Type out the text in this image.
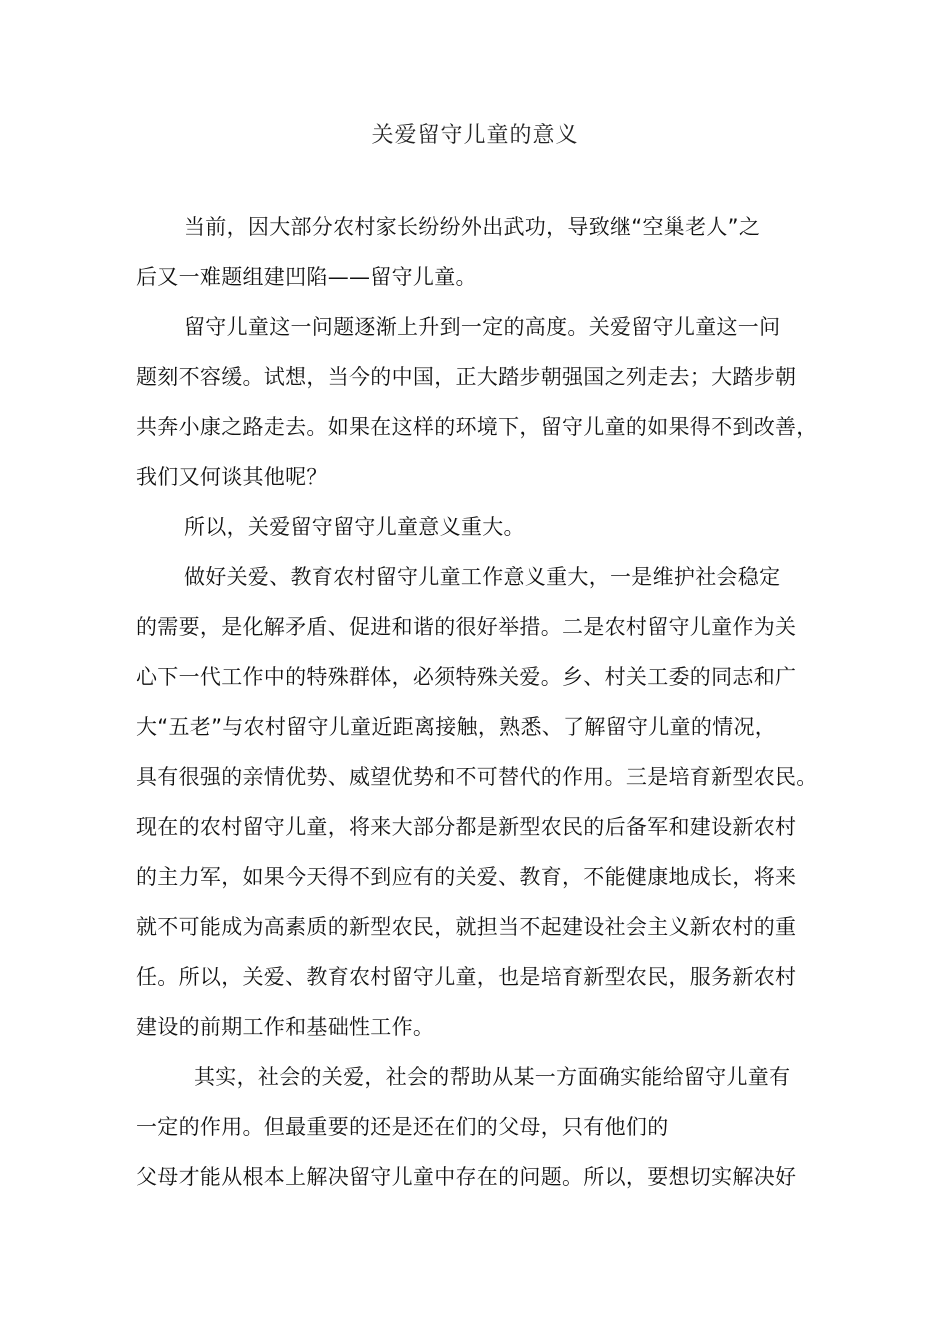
关爱留守儿童的意义
当前，因大部分农村家长纷纷外出武功，导致继“空巢老人”之
后又一难题组建凹陷——留守儿童。
留守儿童这一问题逐渐上升到一定的高度。关爱留守儿童这一问
题刻不容缓。试想，当今的中国，正大踏步朝强国之列走去；大踏步朝
共奔小康之路走去。如果在这样的环境下，留守儿童的如果得不到改善，
我们又何谈其他呢？
所以，关爱留守留守儿童意义重大。
做好关爱、教育农村留守儿童工作意义重大，一是维护社会稳定
的需要，是化解矛盾、促进和谐的很好举措。二是农村留守儿童作为关
心下一代工作中的特殊群体，必须特殊关爱。乡、村关工委的同志和广
大“五老”与农村留守儿童近距离接触，熟悉、了解留守儿童的情况，
具有很强的亲情优势、威望优势和不可替代的作用。三是培育新型农民。
现在的农村留守儿童，将来大部分都是新型农民的后备军和建设新农村
的主力军，如果今天得不到应有的关爱、教育，不能健康地成长，将来
就不可能成为高素质的新型农民，就担当不起建设社会主义新农村的重
任。所以，关爱、教育农村留守儿童，也是培育新型农民，服务新农村
建设的前期工作和基础性工作。
其实，社会的关爱，社会的帮助从某一方面确实能给留守儿童有
一定的作用。但最重要的还是还在们的父母，只有他们的
父母才能从根本上解决留守儿童中存在的问题。所以，要想切实解决好
